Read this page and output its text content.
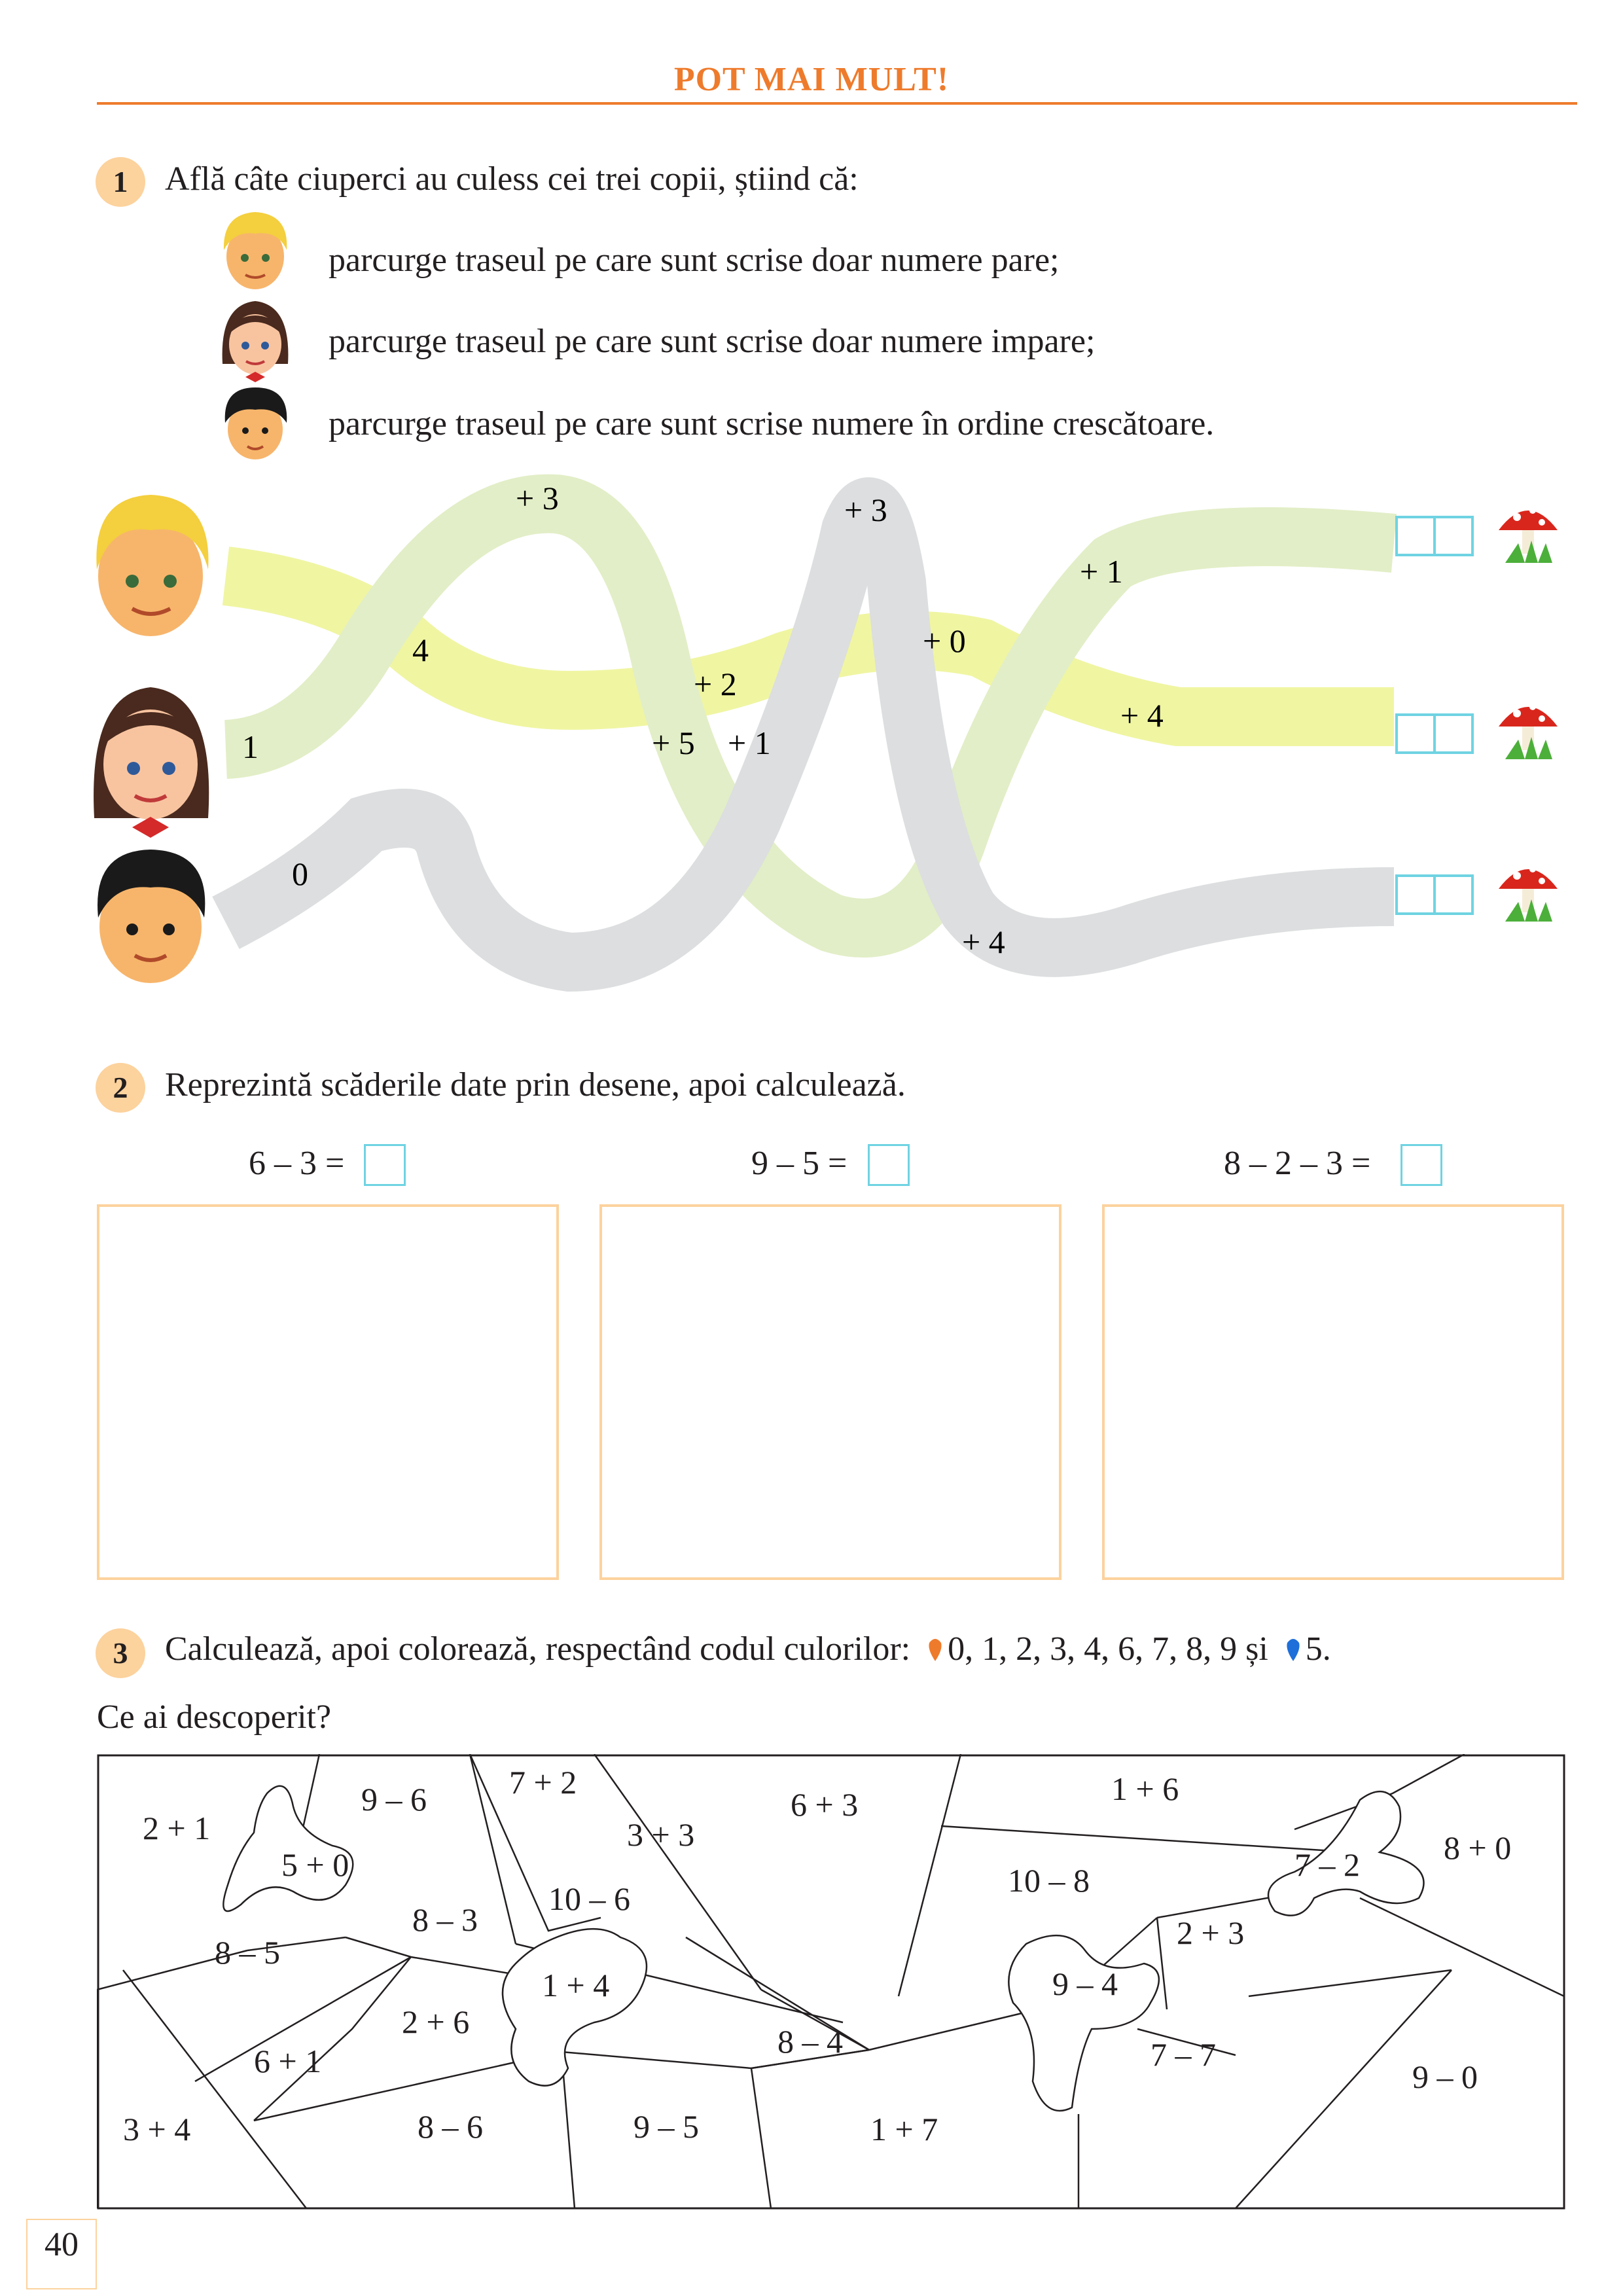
POT MAI MULT!
1	Află câte ciuperci au culess cei trei copii, știind că:
parcurge traseul pe care sunt scrise doar numere pare;
parcurge traseul pe care sunt scrise doar numere impare;
parcurge traseul pe care sunt scrise numere în ordine crescătoare.
+ 3	+ 3
+ 1
4
+ 2
+ 0
1	+ 5 + 1
+ 4
0
+ 4
2	Reprezintă scăderile date prin desene, apoi calculează.
6 – 3 =	9 – 5 =	8 – 2 – 3 =
3	Calculează, apoi colorează, respectând codul culorilor: 0, 1, 2, 3, 4, 6, 7, 8, 9 și 5.
Ce ai descoperit?
2 + 1
9 – 6	7 + 2
6 + 3	1 + 6
3 + 3
5 + 0	8 + 0
7 – 2
10 – 6	10 – 8
8 – 3
8 – 5
2 + 3
1 + 4	9 – 4
2 + 6
6 + 1
8 – 4	7 – 7
9 – 0
3 + 4	8 – 6	9 – 5	1 + 7
40
